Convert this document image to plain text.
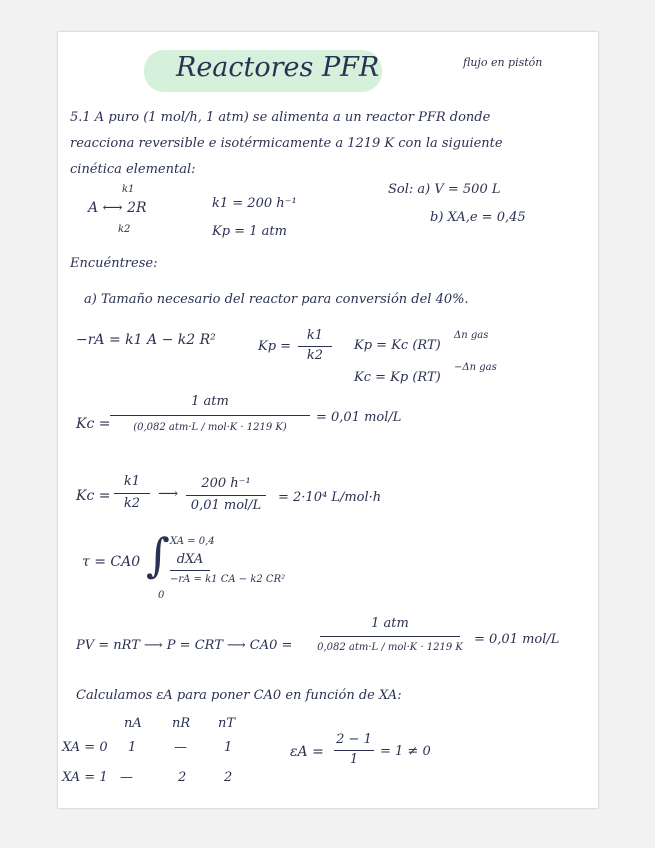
Reactores PFR	flujo en pistón
5.1 A puro (1 mol/h, 1 atm) se alimenta a un reactor PFR donde
reacciona reversible e isotérmicamente a 1219 K con la siguiente
cinética elemental:
k1
A ⟷ 2R
k2
k1 = 200 h⁻¹
Kp = 1 atm
Sol: a) V = 500 L
b) XA,e = 0,45
Encuéntrese:
a) Tamaño necesario del reactor para conversión del 40%.
−rA = k1 A − k2 R²	Kp =
k1
k2
Kp = Kc (RT)
Δn gas
Kc = Kp (RT)
−Δn gas
Kc =
1 atm
(0,082 atm·L / mol·K · 1219 K)
= 0,01 mol/L
Kc =
k1
k2
⟶
200 h⁻¹
0,01 mol/L
= 2·10⁴ L/mol·h
τ = CA0 ∫ XA = 0,4
0
dXA
−rA = k1 CA − k2 CR²
PV = nRT ⟶ P = CRT ⟶ CA0 =
1 atm
0,082 atm·L / mol·K · 1219 K
= 0,01 mol/L
Calculamos εA para poner CA0 en función de XA:
nA nR nT
XA = 0 1	—	1
XA = 1 —	2	2
εA =
2 − 1
1
= 1 ≠ 0
